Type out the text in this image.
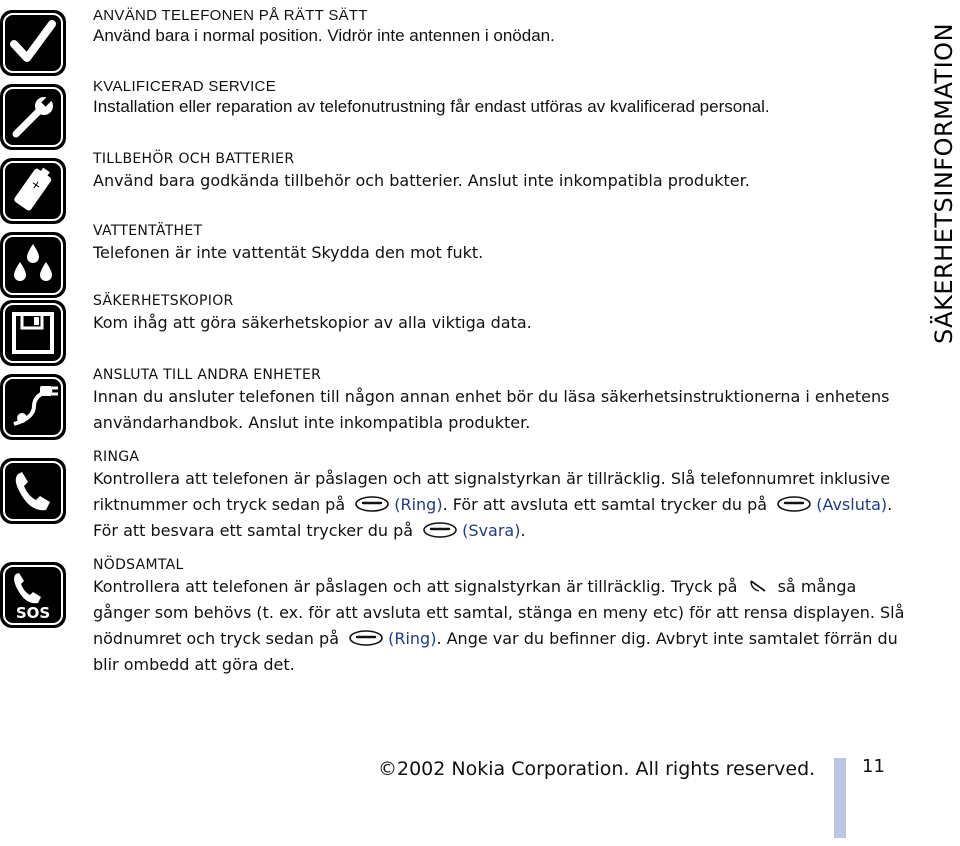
+
SOS

ANVÄND TELEFONEN PÅ RÄTT SÄTT

Använd bara i normal position. Vidrör inte antennen i onödan.

KVALIFICERAD SERVICE

Installation eller reparation av telefonutrustning får endast utföras av kvalificerad personal.

TILLBEHÖR OCH BATTERIER

Använd bara godkända tillbehör och batterier. Anslut inte inkompatibla produkter.

VATTENTÄTHET

Telefonen är inte vattentät Skydda den mot fukt.

SÄKERHETSKOPIOR

Kom ihåg att göra säkerhetskopior av alla viktiga data.

ANSLUTA TILL ANDRA ENHETER

Innan du ansluter telefonen till någon annan enhet bör du läsa säkerhetsinstruktionerna i enhetens användarhandbok. Anslut inte inkompatibla produkter.

RINGA

Kontrollera att telefonen är påslagen och att signalstyrkan är tillräcklig. Slå telefonnumret inklusive riktnummer och tryck sedan på	(Ring). För att avsluta ett samtal trycker du på	(Avsluta). För att besvara ett samtal trycker du på	(Svara).

NÖDSAMTAL

Kontrollera att telefonen är påslagen och att signalstyrkan är tillräcklig. Tryck på	så många gånger som behövs (t. ex. för att avsluta ett samtal, stänga en meny etc) för att rensa displayen. Slå nödnumret och tryck sedan på	(Ring). Ange var du befinner dig. Avbryt inte samtalet förrän du blir ombedd att göra det.

SÄKERHETSINFORMATION
©2002 Nokia Corporation. All rights reserved.	11
